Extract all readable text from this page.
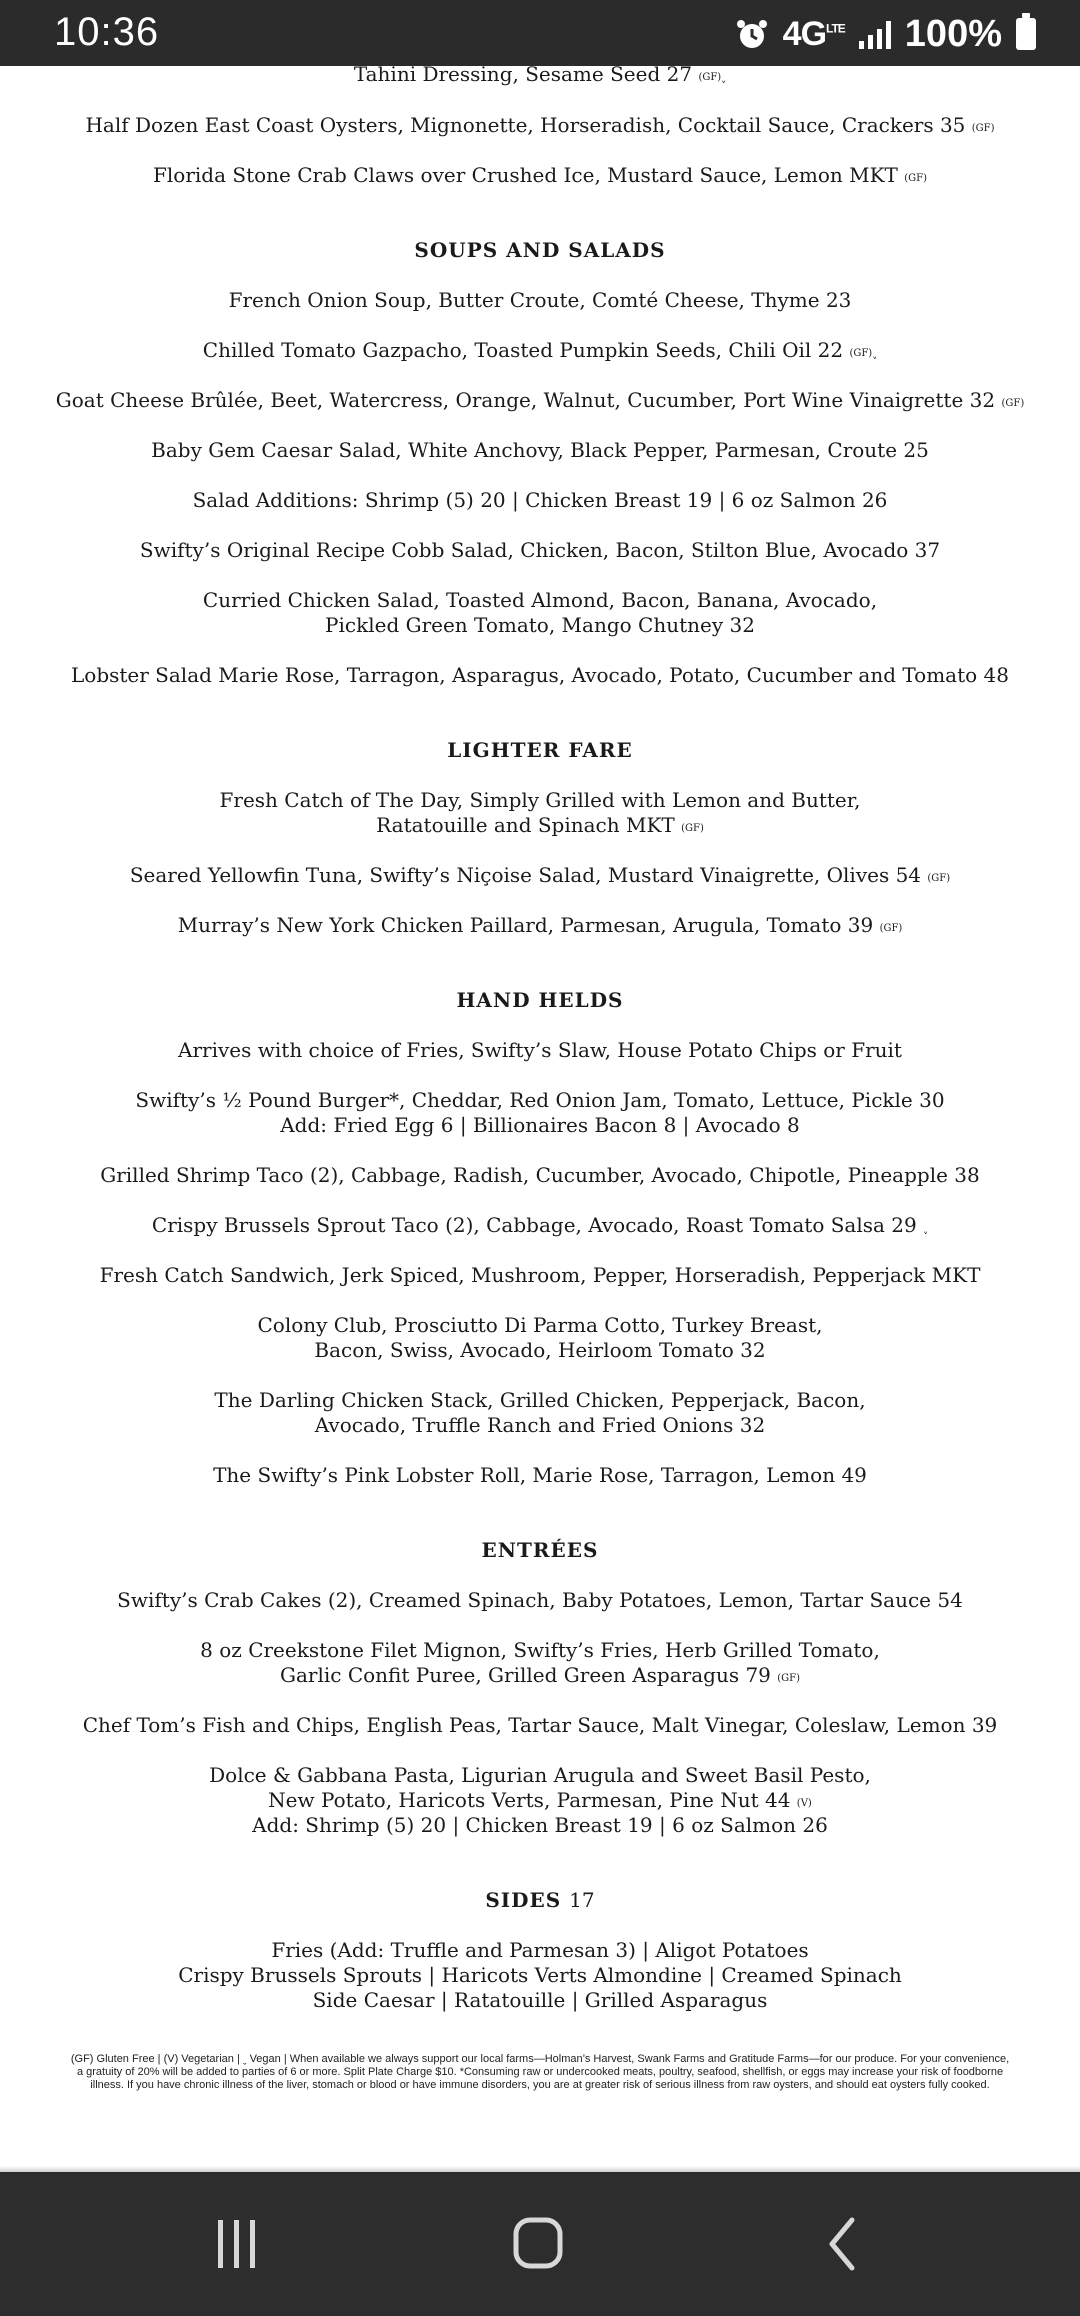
10:36	$4G^{LTE}$ 100%
Tahini Dressing, Sesame Seed 27 (GF)ˬ
Half Dozen East Coast Oysters, Mignonette, Horseradish, Cocktail Sauce, Crackers 35 (GF)
Florida Stone Crab Claws over Crushed Ice, Mustard Sauce, Lemon MKT (GF)
SOUPS AND SALADS
French Onion Soup, Butter Croute, Comté Cheese, Thyme 23
Chilled Tomato Gazpacho, Toasted Pumpkin Seeds, Chili Oil 22 (GF)ˬ
Goat Cheese Brûlée, Beet, Watercress, Orange, Walnut, Cucumber, Port Wine Vinaigrette 32 (GF)
Baby Gem Caesar Salad, White Anchovy, Black Pepper, Parmesan, Croute 25
Salad Additions: Shrimp (5) 20 | Chicken Breast 19 | 6 oz Salmon 26
Swifty’s Original Recipe Cobb Salad, Chicken, Bacon, Stilton Blue, Avocado 37
Curried Chicken Salad, Toasted Almond, Bacon, Banana, Avocado,
Pickled Green Tomato, Mango Chutney 32
Lobster Salad Marie Rose, Tarragon, Asparagus, Avocado, Potato, Cucumber and Tomato 48
LIGHTER FARE
Fresh Catch of The Day, Simply Grilled with Lemon and Butter,
Ratatouille and Spinach MKT (GF)
Seared Yellowfin Tuna, Swifty’s Niçoise Salad, Mustard Vinaigrette, Olives 54 (GF)
Murray’s New York Chicken Paillard, Parmesan, Arugula, Tomato 39 (GF)
HAND HELDS
Arrives with choice of Fries, Swifty’s Slaw, House Potato Chips or Fruit
Swifty’s ½ Pound Burger*, Cheddar, Red Onion Jam, Tomato, Lettuce, Pickle 30
Add: Fried Egg 6 | Billionaires Bacon 8 | Avocado 8
Grilled Shrimp Taco (2), Cabbage, Radish, Cucumber, Avocado, Chipotle, Pineapple 38
Crispy Brussels Sprout Taco (2), Cabbage, Avocado, Roast Tomato Salsa 29 ˬ
Fresh Catch Sandwich, Jerk Spiced, Mushroom, Pepper, Horseradish, Pepperjack MKT
Colony Club, Prosciutto Di Parma Cotto, Turkey Breast,
Bacon, Swiss, Avocado, Heirloom Tomato 32
The Darling Chicken Stack, Grilled Chicken, Pepperjack, Bacon,
Avocado, Truffle Ranch and Fried Onions 32
The Swifty’s Pink Lobster Roll, Marie Rose, Tarragon, Lemon 49
ENTRÉES
Swifty’s Crab Cakes (2), Creamed Spinach, Baby Potatoes, Lemon, Tartar Sauce 54
8 oz Creekstone Filet Mignon, Swifty’s Fries, Herb Grilled Tomato,
Garlic Confit Puree, Grilled Green Asparagus 79 (GF)
Chef Tom’s Fish and Chips, English Peas, Tartar Sauce, Malt Vinegar, Coleslaw, Lemon 39
Dolce & Gabbana Pasta, Ligurian Arugula and Sweet Basil Pesto,
New Potato, Haricots Verts, Parmesan, Pine Nut 44 (V)
Add: Shrimp (5) 20 | Chicken Breast 19 | 6 oz Salmon 26
SIDES 17
Fries (Add: Truffle and Parmesan 3) | Aligot Potatoes
Crispy Brussels Sprouts | Haricots Verts Almondine | Creamed Spinach
Side Caesar | Ratatouille | Grilled Asparagus
(GF) Gluten Free | (V) Vegetarian | ˬ Vegan | When available we always support our local farms—Holman’s Harvest, Swank Farms and Gratitude Farms—for our produce. For your convenience, a gratuity of 20% will be added to parties of 6 or more. Split Plate Charge $10. *Consuming raw or undercooked meats, poultry, seafood, shellfish, or eggs may increase your risk of foodborne illness. If you have chronic illness of the liver, stomach or blood or have immune disorders, you are at greater risk of serious illness from raw oysters, and should eat oysters fully cooked.
